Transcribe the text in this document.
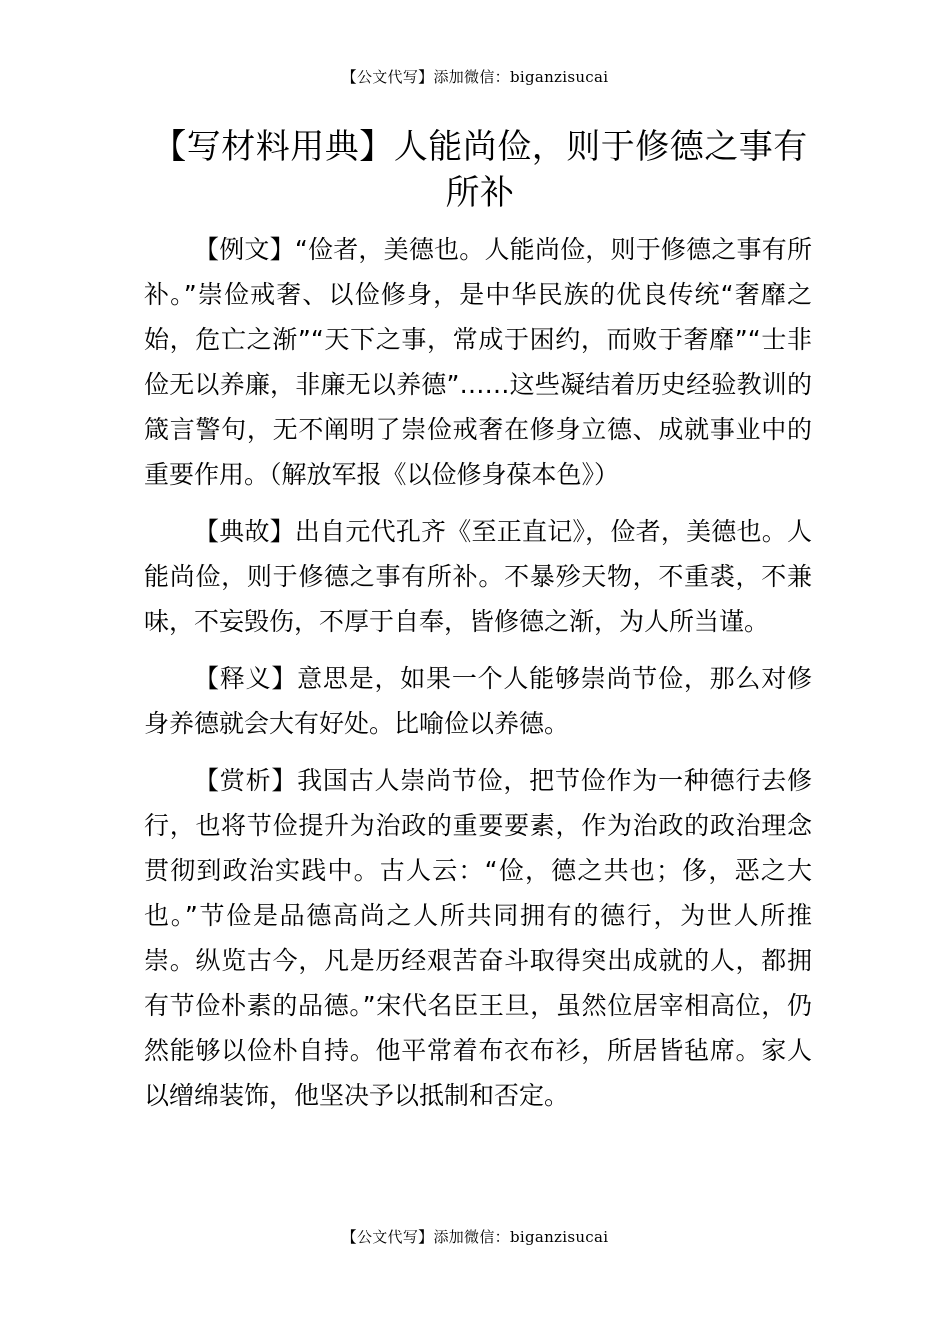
【公文代写】添加微信：biganzisucai
【写材料用典】人能尚俭，则于修德之事有所补

【例文】“俭者，美德也。人能尚俭，则于修德之事有所补。”崇俭戒奢、以俭修身，是中华民族的优良传统“奢靡之始，危亡之渐”“天下之事，常成于困约，而败于奢靡”“士非俭无以养廉，非廉无以养德”……这些凝结着历史经验教训的箴言警句，无不阐明了崇俭戒奢在修身立德、成就事业中的重要作用。（解放军报《以俭修身葆本色》）

【典故】出自元代孔齐《至正直记》，俭者，美德也。人能尚俭，则于修德之事有所补。不暴殄天物，不重裘，不兼味，不妄毁伤，不厚于自奉，皆修德之渐，为人所当谨。

【释义】意思是，如果一个人能够崇尚节俭，那么对修身养德就会大有好处。比喻俭以养德。

【赏析】我国古人崇尚节俭，把节俭作为一种德行去修行，也将节俭提升为治政的重要要素，作为治政的政治理念贯彻到政治实践中。古人云：“俭，德之共也；侈，恶之大也。”节俭是品德高尚之人所共同拥有的德行，为世人所推崇。纵览古今，凡是历经艰苦奋斗取得突出成就的人，都拥有节俭朴素的品德。”宋代名臣王旦，虽然位居宰相高位，仍然能够以俭朴自持。他平常着布衣布衫，所居皆毡席。家人以缯绵装饰，他坚决予以抵制和否定。

【公文代写】添加微信：biganzisucai
